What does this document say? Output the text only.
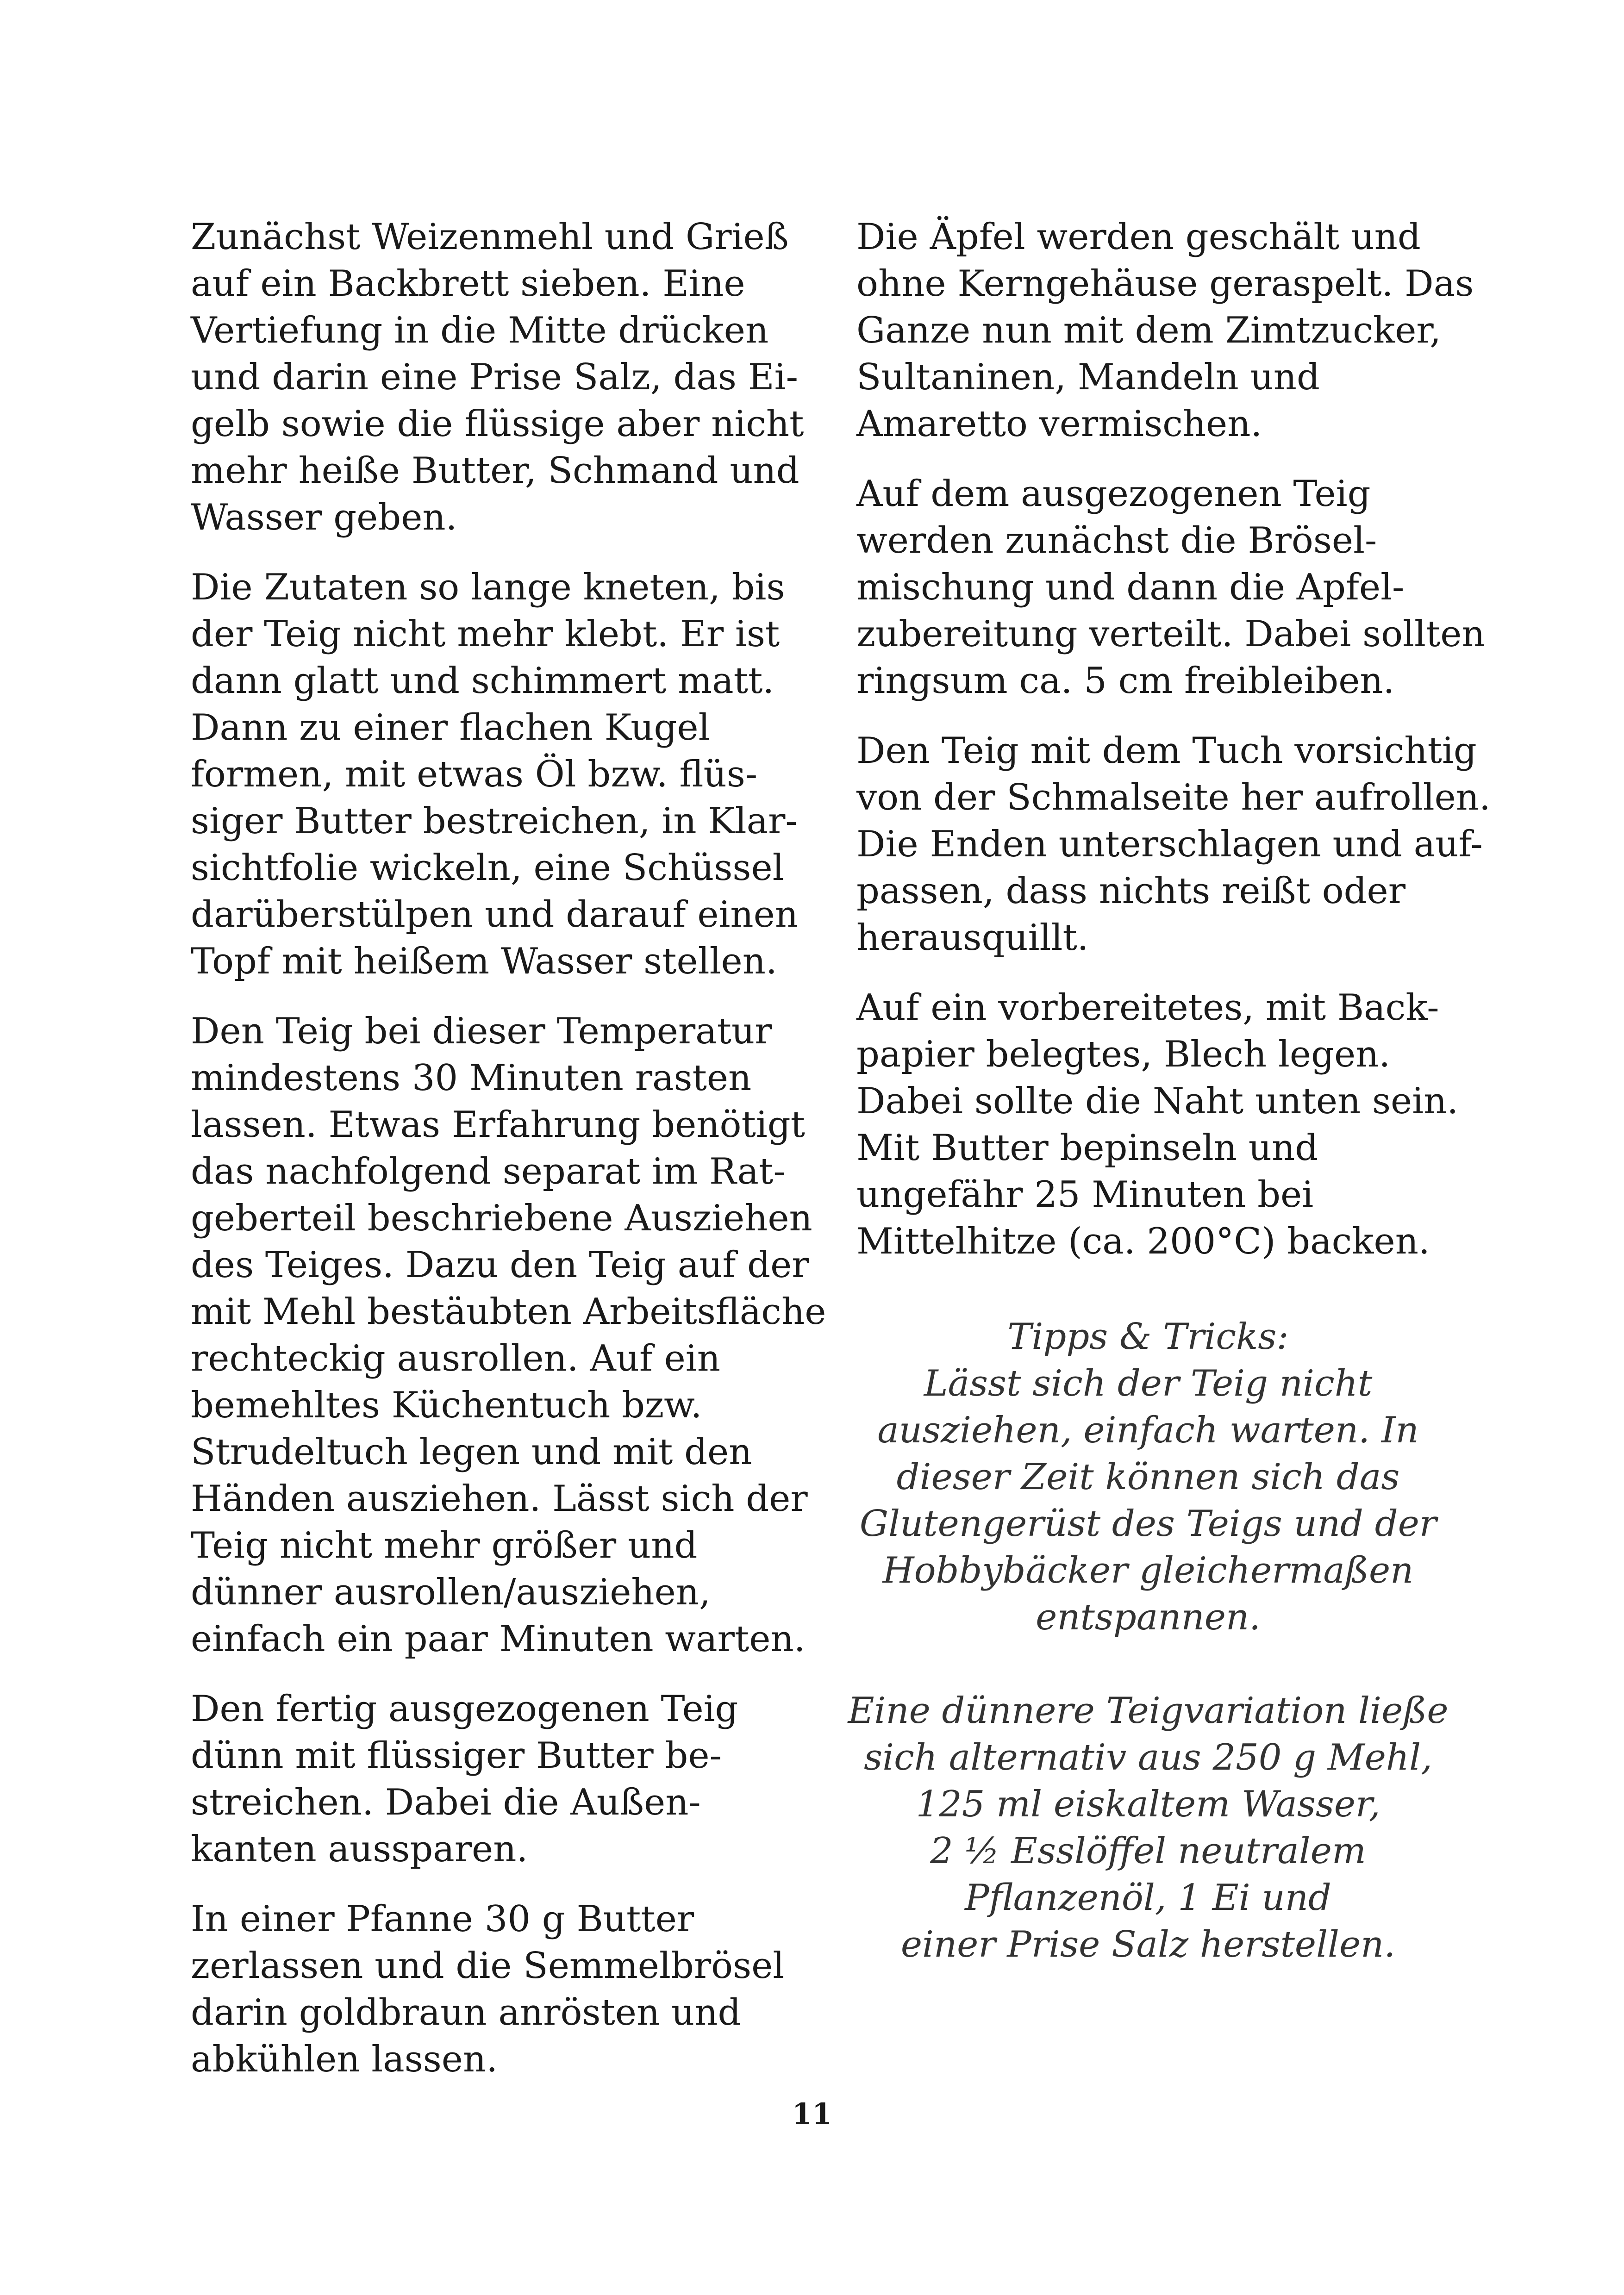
Zunächst Weizenmehl und Grieß
auf ein Backbrett sieben. Eine
Vertiefung in die Mitte drücken
und darin eine Prise Salz, das Ei-
gelb sowie die flüssige aber nicht
mehr heiße Butter, Schmand und
Wasser geben.

Die Zutaten so lange kneten, bis
der Teig nicht mehr klebt. Er ist
dann glatt und schimmert matt.
Dann zu einer flachen Kugel
formen, mit etwas Öl bzw. flüs-
siger Butter bestreichen, in Klar-
sichtfolie wickeln, eine Schüssel
darüberstülpen und darauf einen
Topf mit heißem Wasser stellen.

Den Teig bei dieser Temperatur
mindestens 30 Minuten rasten
lassen. Etwas Erfahrung benötigt
das nachfolgend separat im Rat-
geberteil beschriebene Ausziehen
des Teiges. Dazu den Teig auf der
mit Mehl bestäubten Arbeitsfläche
rechteckig ausrollen. Auf ein
bemehltes Küchentuch bzw.
Strudeltuch legen und mit den
Händen ausziehen. Lässt sich der
Teig nicht mehr größer und
dünner ausrollen/ausziehen,
einfach ein paar Minuten warten.

Den fertig ausgezogenen Teig
dünn mit flüssiger Butter be-
streichen. Dabei die Außen-
kanten aussparen.

In einer Pfanne 30 g Butter
zerlassen und die Semmelbrösel
darin goldbraun anrösten und
abkühlen lassen.

Die Äpfel werden geschält und
ohne Kerngehäuse geraspelt. Das
Ganze nun mit dem Zimtzucker,
Sultaninen, Mandeln und
Amaretto vermischen.

Auf dem ausgezogenen Teig
werden zunächst die Brösel-
mischung und dann die Apfel-
zubereitung verteilt. Dabei sollten
ringsum ca. 5 cm freibleiben.

Den Teig mit dem Tuch vorsichtig
von der Schmalseite her aufrollen.
Die Enden unterschlagen und auf-
passen, dass nichts reißt oder
herausquillt.

Auf ein vorbereitetes, mit Back-
papier belegtes, Blech legen.
Dabei sollte die Naht unten sein.
Mit Butter bepinseln und
ungefähr 25 Minuten bei
Mittelhitze (ca. 200°C) backen.

Tipps & Tricks:
Lässt sich der Teig nicht
ausziehen, einfach warten. In
dieser Zeit können sich das
Glutengerüst des Teigs und der
Hobbybäcker gleichermaßen
entspannen.
Eine dünnere Teigvariation ließe
sich alternativ aus 250 g Mehl,
125 ml eiskaltem Wasser,
2 ½ Esslöffel neutralem
Pflanzenöl, 1 Ei und
einer Prise Salz herstellen.
11
